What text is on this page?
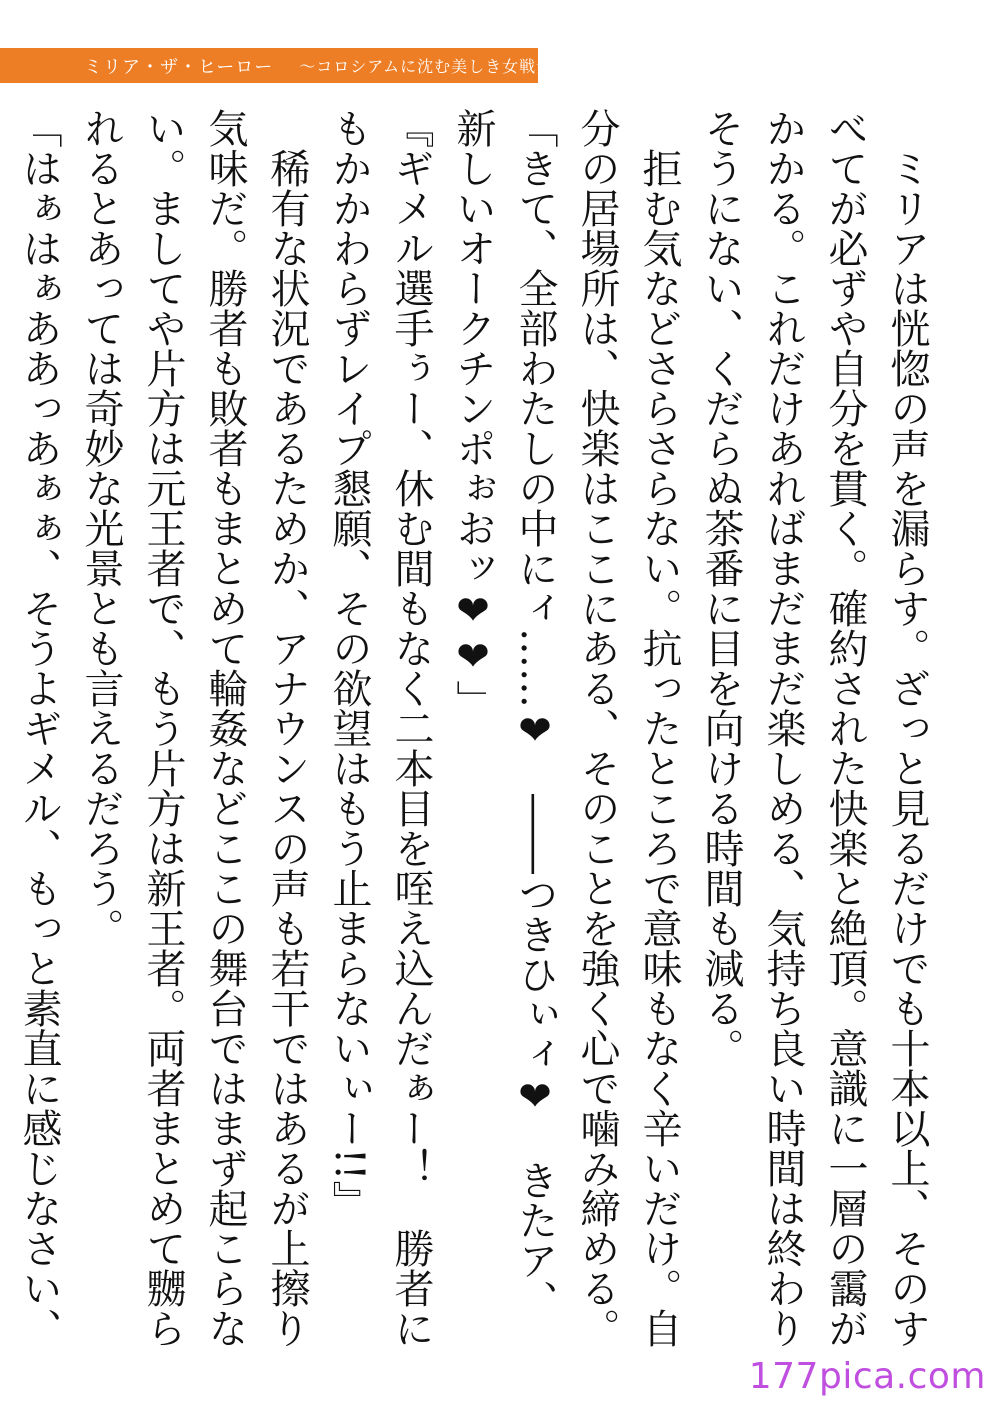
ミリア・ザ・ヒーロー ～コロシアムに沈む美しき女戦士たち～

ミリアは恍惚の声を漏らす。ざっと見るだけでも十本以上、そのすべてが必ずや自分を貫く。確約された快楽と絶頂。意識に一層の靄がかかる。これだけあればまだまだ楽しめる、気持ち良い時間は終わりそうにない、くだらぬ茶番に目を向ける時間も減る。

拒む気などさらさらない。抗ったところで意味もなく辛いだけ。自分の居場所は、快楽はここにある、そのことを強く心で噛み締める。

「きて、全部わたしの中にィ……❤　――つきひぃィ❤　きたア、新しいオークチンポぉおッ❤❤」

『ギメル選手ぅー、休む間もなく二本目を咥え込んだぁー！　勝者にもかかわらずレイプ懇願、その欲望はもう止まらないぃー!!』

稀有な状況であるためか、アナウンスの声も若干ではあるが上擦り気味だ。勝者も敗者もまとめて輪姦などここの舞台ではまず起こらない。ましてや片方は元王者で、もう片方は新王者。両者まとめて嬲られるとあっては奇妙な光景とも言えるだろう。

「はぁはぁああっあぁぁ、そうよギメル、もっと素直に感じなさい、

177pica.com
